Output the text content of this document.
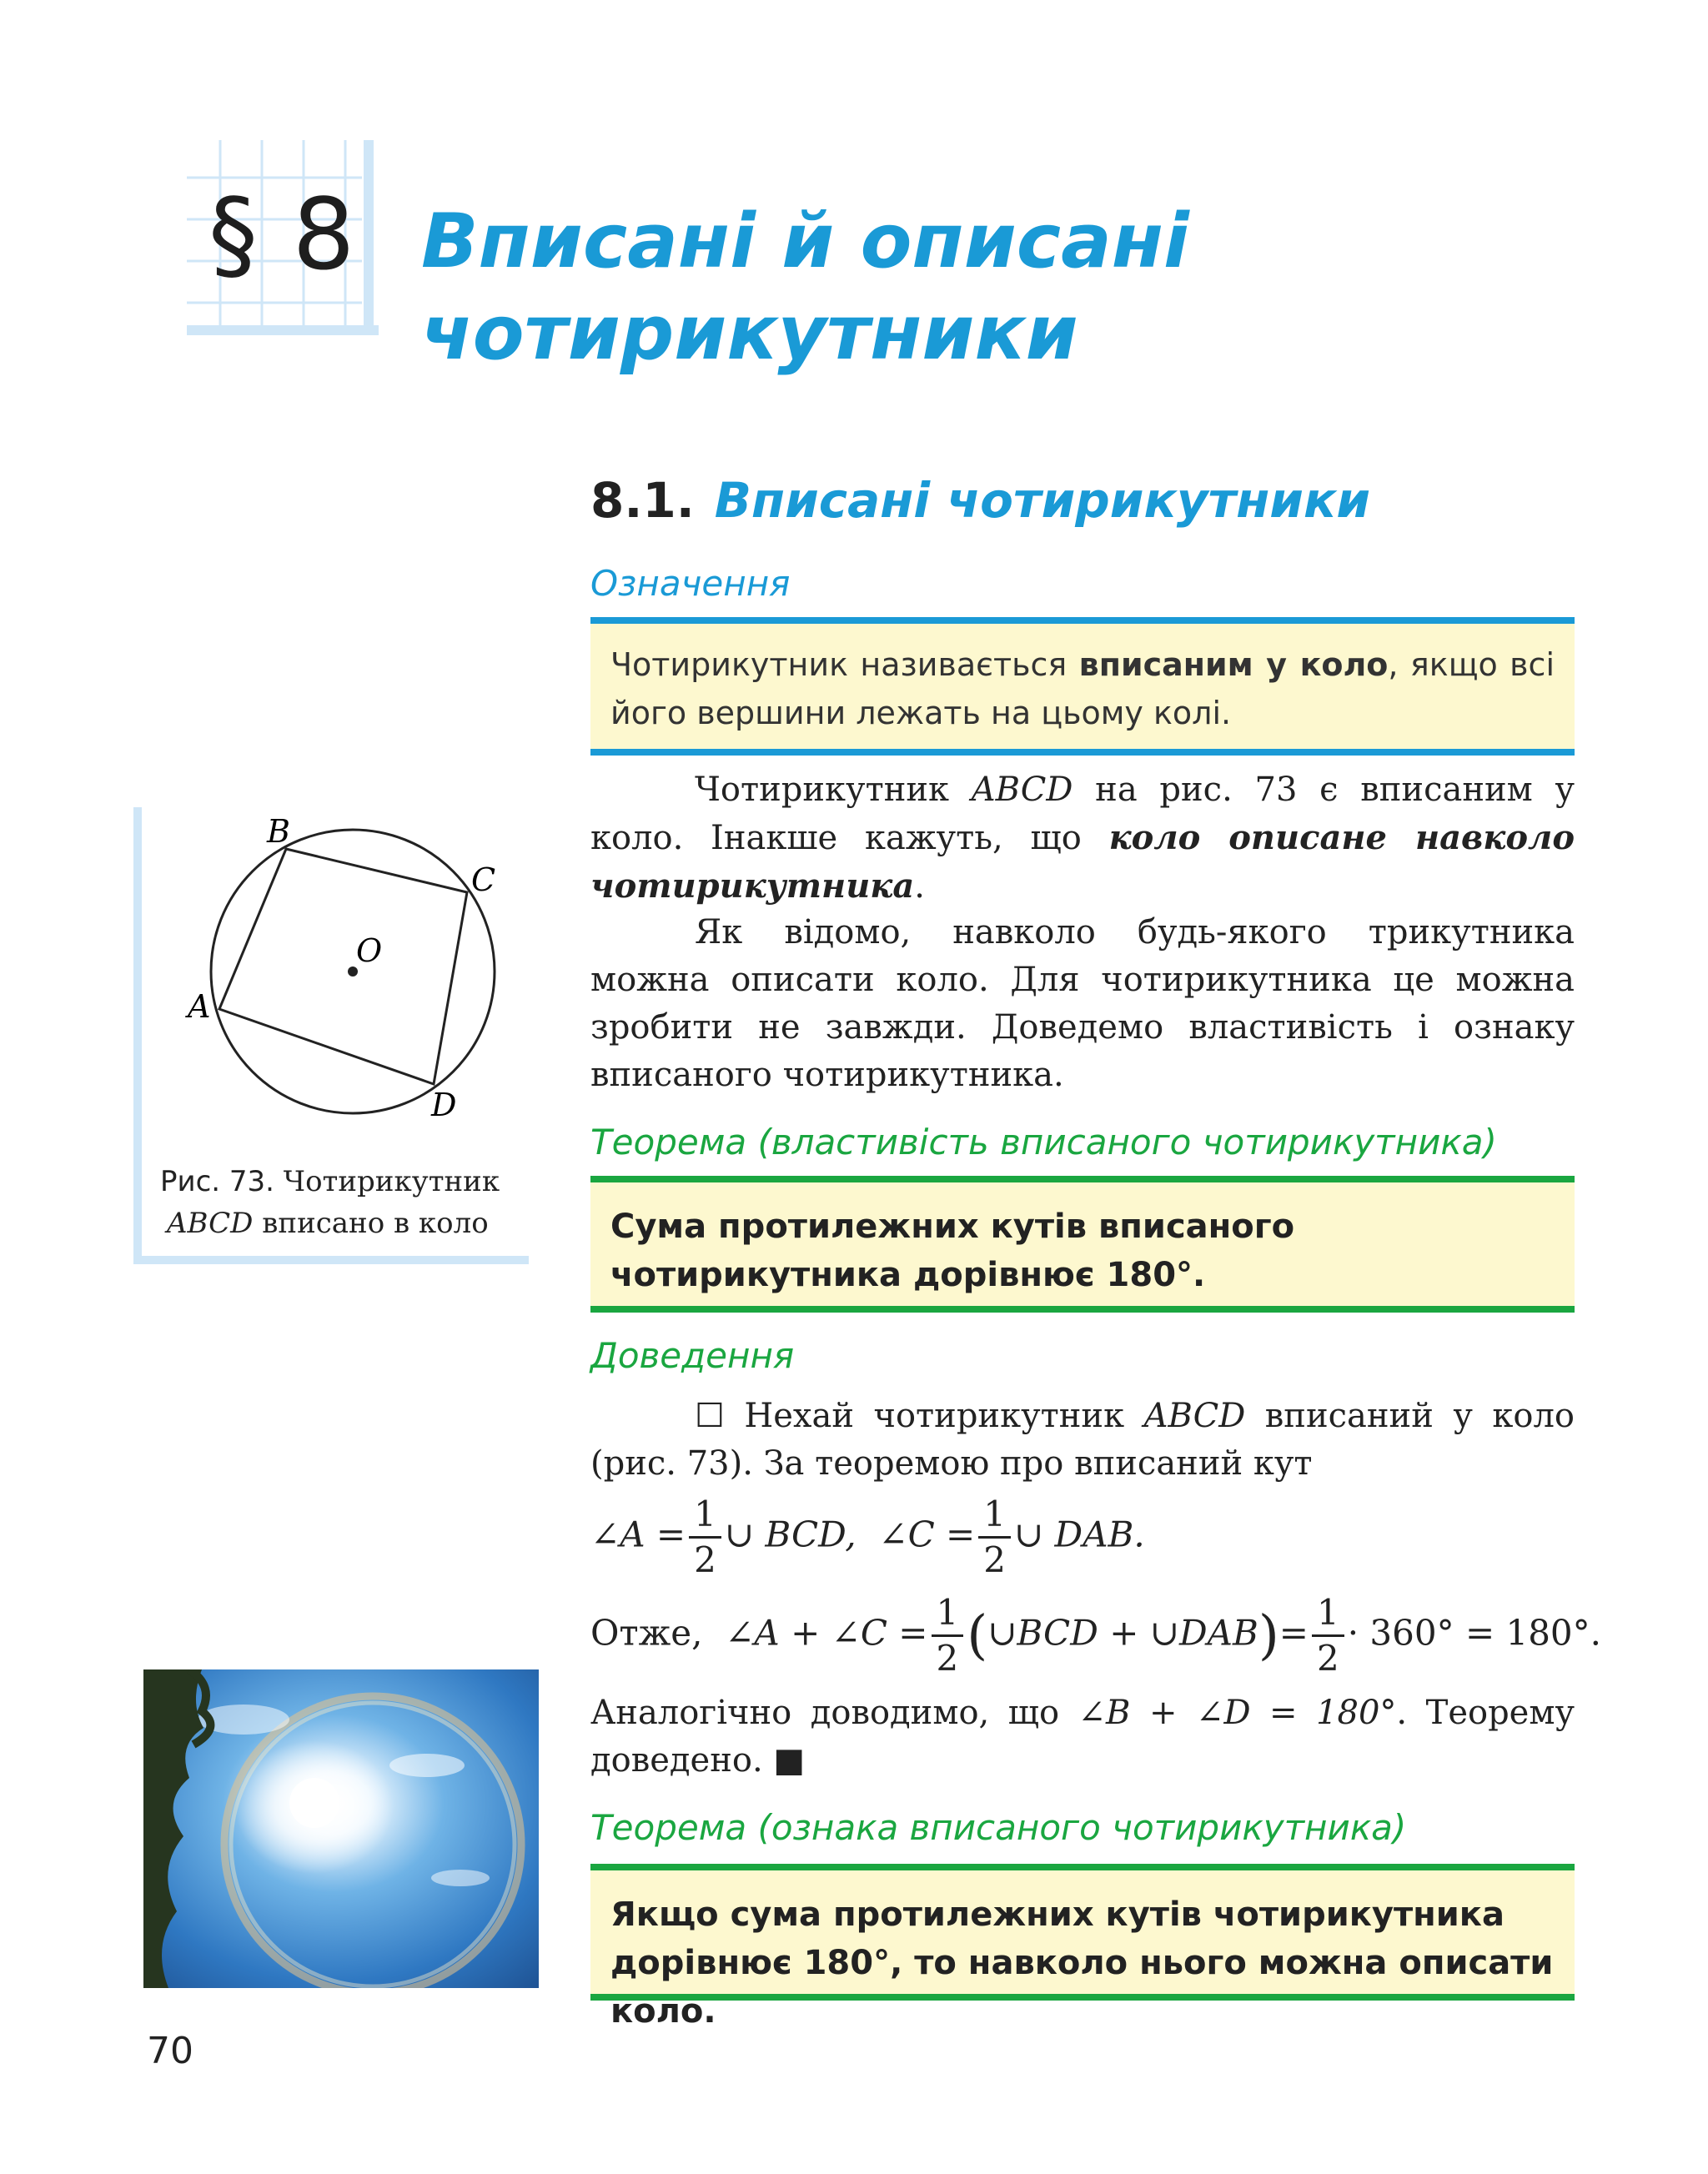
§ 8 Вписані й описані
чотирикутники
8.1. Вписані чотирикутники
Означення

Чотирикутник називається вписаним у коло, якщо всі його вершини лежать на цьому колі.

Чотирикутник ABCD на рис. 73 є вписаним у коло. Інакше кажуть, що коло описане навколо чотирикутника.

Як відомо, навколо будь-якого трикутника можна описати коло. Для чотирикутника це можна зробити не завжди. Доведемо властивість і ознаку вписаного чотирикутника.

Теорема (властивість вписаного чотирикутника)

Сума протилежних кутів вписаного чотирикутника дорівнює 180°.

Доведення

☐ Нехай чотирикутник ABCD вписаний у коло (рис. 73). За теоремою про вписаний кут

∠A = $\frac{1}{2}$ ∪ BCD, ∠C = $\frac{1}{2}$ ∪ DAB.
Отже, ∠A + ∠C = $\frac{1}{2}$ (∪BCD + ∪DAB)= $\frac{1}{2} \cdot 360^\circ = 180^\circ$.

Аналогічно доводимо, що ∠B + ∠D = 180°. Теорему доведено. ■

Теорема (ознака вписаного чотирикутника)

Якщо сума протилежних кутів чотирикутника дорівнює 180°, то навколо нього можна описати коло.

B
C
A
D
O

Рис. 73. Чотирикутник
ABCD вписано в коло

70
